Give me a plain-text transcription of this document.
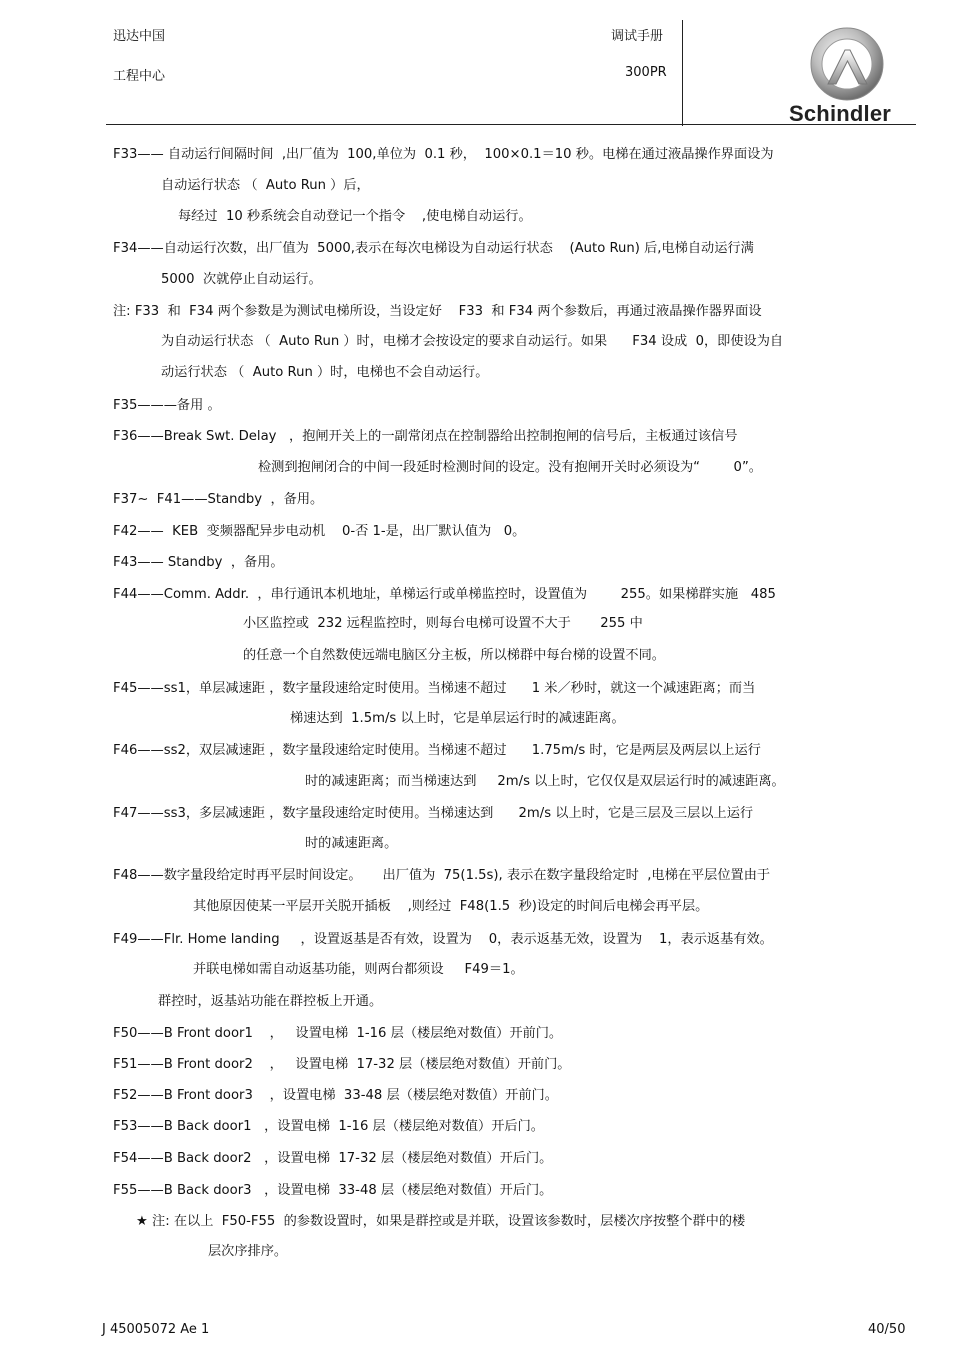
迅达中国
工程中心
调试手册
300PR
Schindler
F33—— 自动运行间隔时间  ,出厂值为  100,单位为  0.1 秒，  100×0.1＝10 秒。电梯在通过液晶操作界面设为
自动运行状态 （  Auto Run ）后，
每经过  10 秒系统会自动登记一个指令    ,使电梯自动运行。
F34——自动运行次数，出厂值为  5000,表示在每次电梯设为自动运行状态    (Auto Run) 后,电梯自动运行满
5000  次就停止自动运行。
注: F33  和  F34 两个参数是为测试电梯所设，当设定好    F33  和 F34 两个参数后，再通过液晶操作器界面设
为自动运行状态 （  Auto Run ）时，电梯才会按设定的要求自动运行。如果      F34 设成  0，即使设为自
动运行状态 （  Auto Run ）时，电梯也不会自动运行。
F35———备用 。
F36——Break Swt. Delay   ，抱闸开关上的一副常闭点在控制器给出控制抱闸的信号后，主板通过该信号
检测到抱闸闭合的中间一段延时检测时间的设定。没有抱闸开关时必须设为“        0”。
F37~  F41——Standby  ，备用。
F42——  KEB  变频器配异步电动机    0-否 1-是，出厂默认值为   0。
F43—— Standby  ，备用。
F44——Comm. Addr.  ，串行通讯本机地址，单梯运行或单梯监控时，设置值为        255。如果梯群实施   485
小区监控或  232 远程监控时，则每台电梯可设置不大于       255 中
的任意一个自然数使远端电脑区分主板，所以梯群中每台梯的设置不同。
F45——ss1，单层减速距 ，数字量段速给定时使用。当梯速不超过      1 米／秒时，就这一个减速距离；而当
梯速达到  1.5m/s 以上时，它是单层运行时的减速距离。
F46——ss2，双层减速距 ，数字量段速给定时使用。当梯速不超过      1.75m/s 时，它是两层及两层以上运行
时的减速距离；而当梯速达到     2m/s 以上时，它仅仅是双层运行时的减速距离。
F47——ss3，多层减速距 ，数字量段速给定时使用。当梯速达到      2m/s 以上时，它是三层及三层以上运行
时的减速距离。
F48——数字量段给定时再平层时间设定。     出厂值为  75(1.5s), 表示在数字量段给定时  ,电梯在平层位置由于
其他原因使某一平层开关脱开插板    ,则经过  F48(1.5  秒)设定的时间后电梯会再平层。
F49——Flr. Home landing     ，设置返基是否有效，设置为    0，表示返基无效，设置为    1，表示返基有效。
并联电梯如需自动返基功能，则两台都须设     F49＝1。
群控时，返基站功能在群控板上开通。
F50——B Front door1    ，   设置电梯  1-16 层（楼层绝对数值）开前门。
F51——B Front door2    ，   设置电梯  17-32 层（楼层绝对数值）开前门。
F52——B Front door3    ，设置电梯  33-48 层（楼层绝对数值）开前门。
F53——B Back door1   ，设置电梯  1-16 层（楼层绝对数值）开后门。
F54——B Back door2   ，设置电梯  17-32 层（楼层绝对数值）开后门。
F55——B Back door3   ，设置电梯  33-48 层（楼层绝对数值）开后门。
★ 注: 在以上  F50-F55  的参数设置时，如果是群控或是并联，设置该参数时，层楼次序按整个群中的楼
层次序排序。
J 45005072 Ae 1	40/50
